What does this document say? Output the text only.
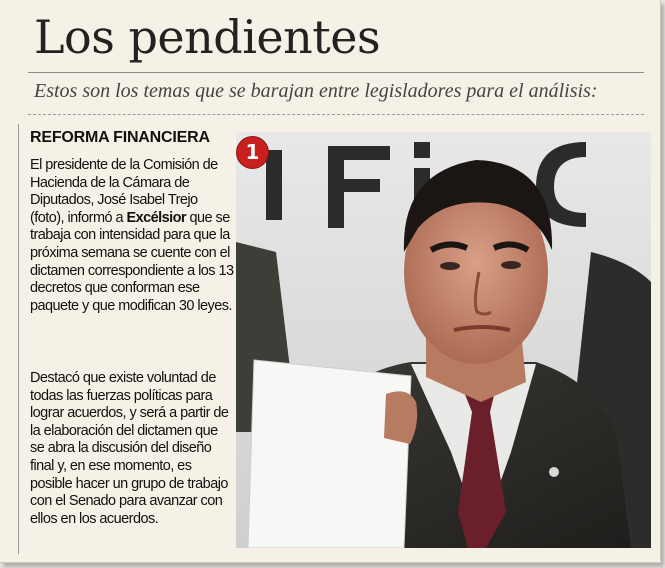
Los pendientes
Estos son los temas que se barajan entre legisladores para el análisis:
REFORMA FINANCIERA

El presidente de la Comisión de Hacienda de la Cámara de Diputados, José Isabel Trejo (foto), informó a Excélsior que se trabaja con intensidad para que la próxima semana se cuente con el dictamen correspondiente a los 13 decretos que conforman ese paquete y que modifican 30 leyes.

Destacó que existe voluntad de todas las fuerzas políticas para lograr acuerdos, y será a partir de la elaboración del dictamen que se abra la discusión del diseño final y, en ese momento, es posible hacer un grupo de trabajo con el Senado para avanzar con ellos en los acuerdos.

1
